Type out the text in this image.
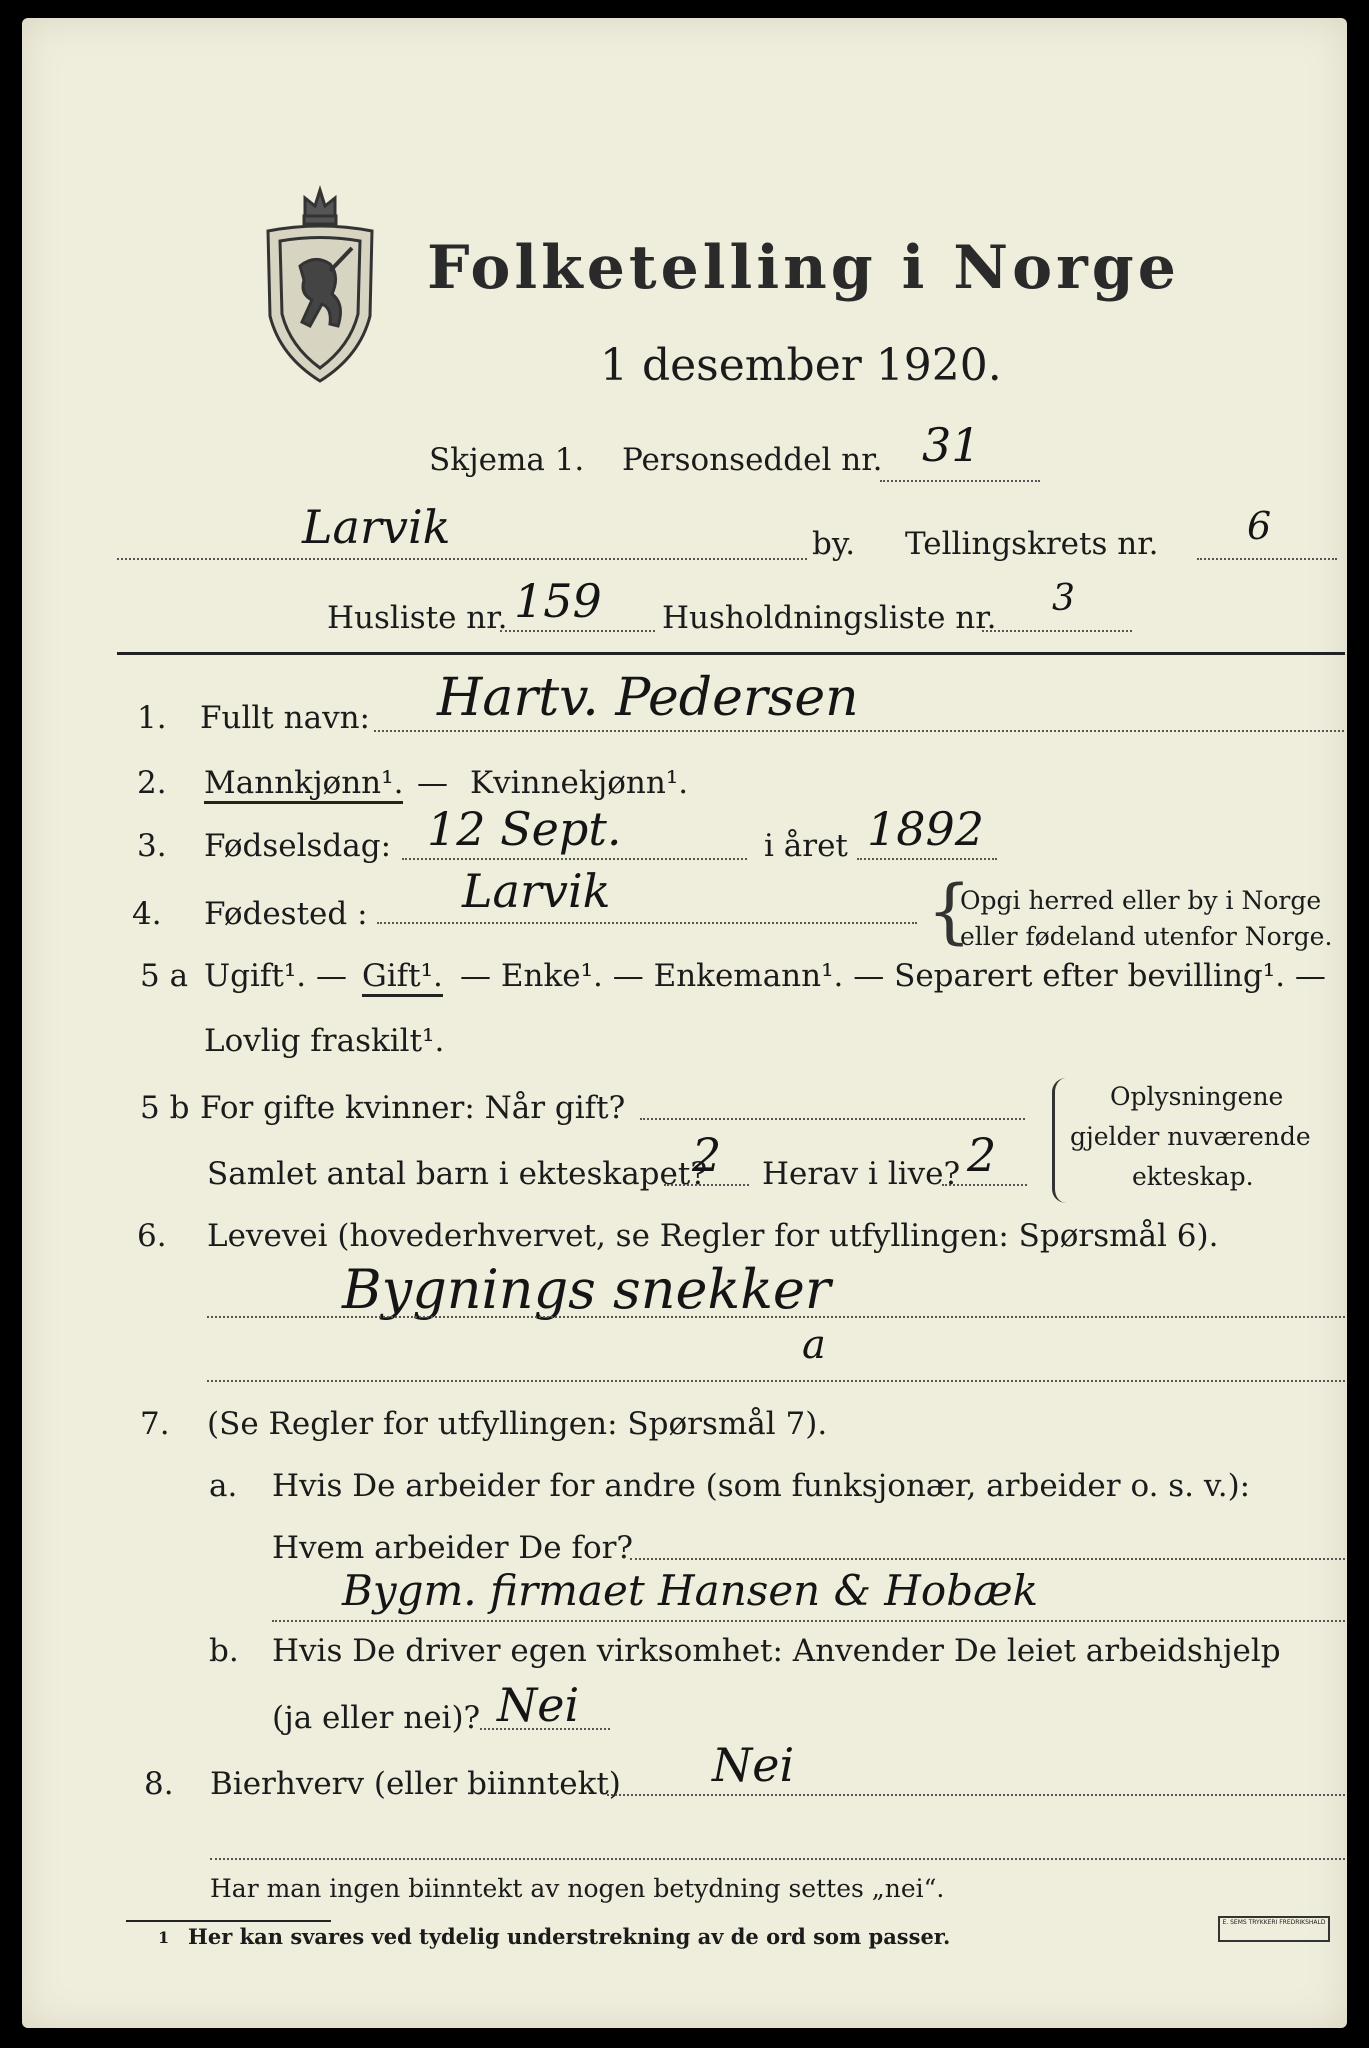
Folketelling i Norge
1 desember 1920.
Skjema 1. Personseddel nr. 31
Larvik	by. Tellingskrets nr. 6
Husliste nr. 159 Husholdningsliste nr. 3
1. Fullt navn: Hartv. Pedersen
2. Mannkjønn¹. — Kvinnekjønn¹.
3. Fødselsdag: 12 Sept.	i året 1892
4. Fødested : Larvik	{
Opgi herred eller by i Norge
eller fødeland utenfor Norge.
5 a Ugift¹. — Gift¹. — Enke¹. — Enkemann¹. — Separert efter bevilling¹. —
Lovlig fraskilt¹.
5 b For gifte kvinner: Når gift?
Samlet antal barn i ekteskapet?
2 Herav i live? 2
Oplysningene
gjelder nuværende
ekteskap.
6. Levevei (hovederhvervet, se Regler for utfyllingen: Spørsmål 6).
Bygnings snekker
a
7. (Se Regler for utfyllingen: Spørsmål 7).
a. Hvis De arbeider for andre (som funksjonær, arbeider o. s. v.):
Hvem arbeider De for?
Bygm. firmaet Hansen & Hobæk
b. Hvis De driver egen virksomhet: Anvender De leiet arbeidshjelp
(ja eller nei)? Nei
8. Bierhverv (eller biinntekt) Nei
Har man ingen biinntekt av nogen betydning settes „nei“.
1 Her kan svares ved tydelig understrekning av de ord som passer.
E. SEMS TRYKKERI FREDRIKSHALD
